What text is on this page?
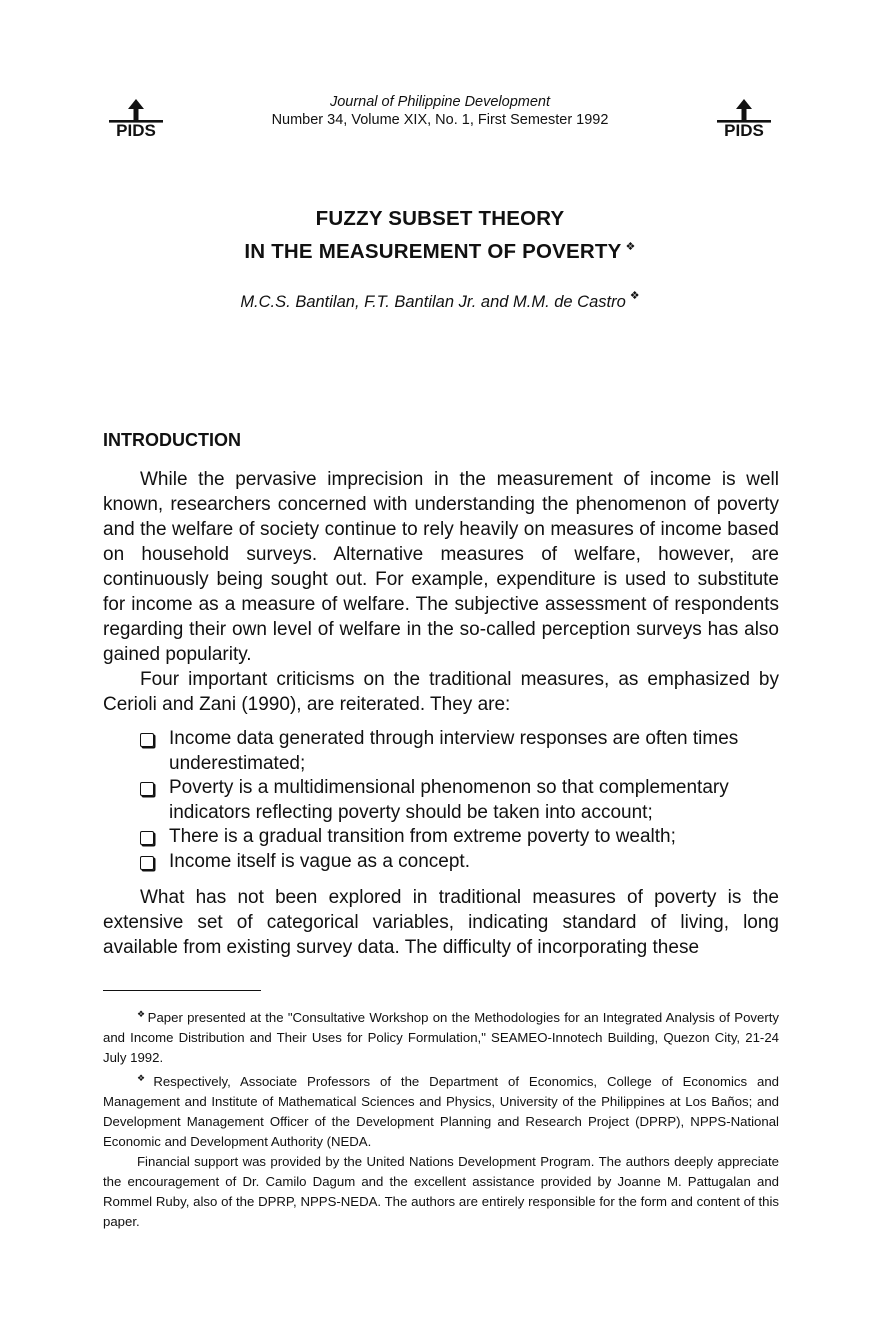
PIDS
Journal of Philippine Development
Number 34, Volume XIX, No. 1, First Semester 1992
PIDS
FUZZY SUBSET THEORY
IN THE MEASUREMENT OF POVERTY ❖
M.C.S. Bantilan, F.T. Bantilan Jr. and M.M. de Castro ❖
INTRODUCTION

While the pervasive imprecision in the measurement of income is well known, researchers concerned with understanding the phenomenon of poverty and the welfare of society continue to rely heavily on measures of income based on household surveys. Alternative measures of welfare, however, are continuously being sought out. For example, expenditure is used to substitute for income as a measure of welfare. The subjective assessment of respondents regarding their own level of welfare in the so-called perception surveys has also gained popularity.

Four important criticisms on the traditional measures, as emphasized by Cerioli and Zani (1990), are reiterated. They are:

Income data generated through interview responses are often times underestimated;
Poverty is a multidimensional phenomenon so that complementary indicators reflecting poverty should be taken into account;
There is a gradual transition from extreme poverty to wealth;
Income itself is vague as a concept.

What has not been explored in traditional measures of poverty is the extensive set of categorical variables, indicating standard of living, long available from existing survey data. The difficulty of incorporating these

❖ Paper presented at the "Consultative Workshop on the Methodologies for an Integrated Analysis of Poverty and Income Distribution and Their Uses for Policy Formulation," SEAMEO-Innotech Building, Quezon City, 21-24 July 1992.

❖ Respectively, Associate Professors of the Department of Economics, College of Economics and Management and Institute of Mathematical Sciences and Physics, University of the Philippines at Los Baños; and Development Management Officer of the Development Planning and Research Project (DPRP), NPPS-National Economic and Development Authority (NEDA.

Financial support was provided by the United Nations Development Program. The authors deeply appreciate the encouragement of Dr. Camilo Dagum and the excellent assistance provided by Joanne M. Pattugalan and Rommel Ruby, also of the DPRP, NPPS-NEDA. The authors are entirely responsible for the form and content of this paper.
